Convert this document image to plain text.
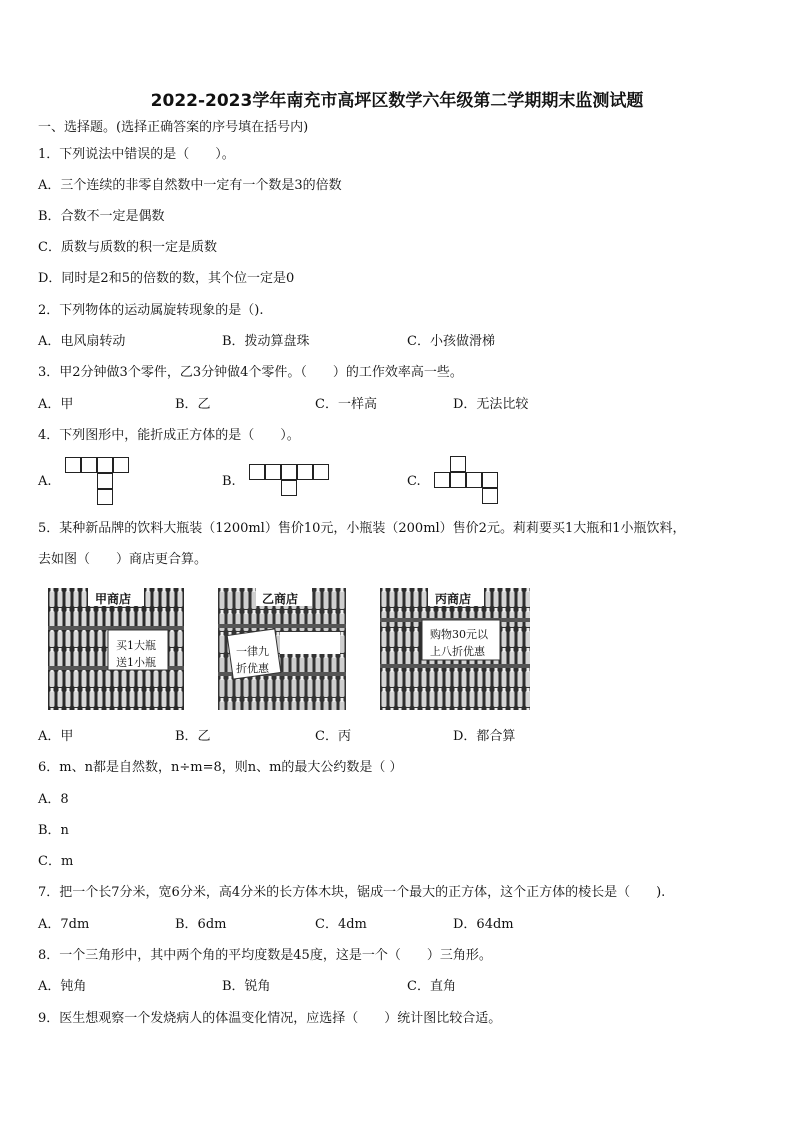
2022-2023学年南充市高坪区数学六年级第二学期期末监测试题
一、选择题。(选择正确答案的序号填在括号内)
1．下列说法中错误的是（　　）。
A．三个连续的非零自然数中一定有一个数是3的倍数
B．合数不一定是偶数
C．质数与质数的积一定是质数
D．同时是2和5的倍数的数，其个位一定是0
2．下列物体的运动属旋转现象的是（).
A．电风扇转动	B．拨动算盘珠	C．小孩做滑梯
3．甲2分钟做3个零件，乙3分钟做4个零件。（　　）的工作效率高一些。
A．甲	B．乙	C．一样高	D．无法比较
4．下列图形中，能折成正方体的是（　　）。
A.	B.	C.
5．某种新品牌的饮料大瓶装（1200ml）售价10元，小瓶装（200ml）售价2元。莉莉要买1大瓶和1小瓶饮料，
去如图（　　）商店更合算。
甲商店
买1大瓶
送1小瓶
乙商店
一律九
折优惠
丙商店
购物30元以
上八折优惠
A．甲	B．乙	C．丙	D．都合算
6．m、n都是自然数，n÷m=8，则n、m的最大公约数是（ ）
A．8
B．n
C．m
7．把一个长7分米，宽6分米，高4分米的长方体木块，锯成一个最大的正方体，这个正方体的棱长是（　　).
A．7dm	B．6dm	C．4dm	D．64dm
8．一个三角形中，其中两个角的平均度数是45度，这是一个（　　）三角形。
A．钝角	B．锐角	C．直角
9．医生想观察一个发烧病人的体温变化情况，应选择（　　）统计图比较合适。
